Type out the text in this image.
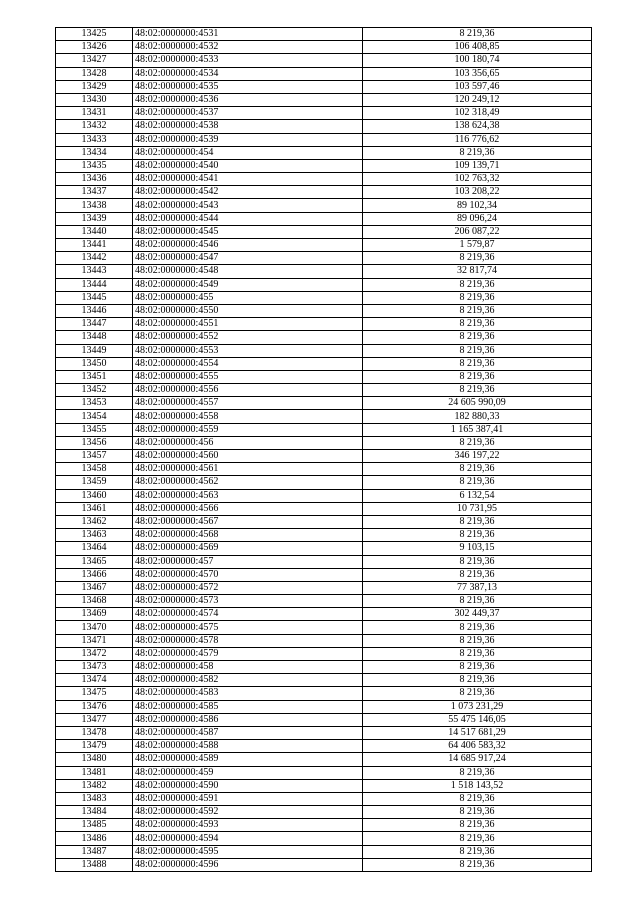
13425	48:02:0000000:4531	8 219,36
13426	48:02:0000000:4532	106 408,85
13427	48:02:0000000:4533	100 180,74
13428	48:02:0000000:4534	103 356,65
13429	48:02:0000000:4535	103 597,46
13430	48:02:0000000:4536	120 249,12
13431	48:02:0000000:4537	102 318,49
13432	48:02:0000000:4538	138 624,38
13433	48:02:0000000:4539	116 776,62
13434	48:02:0000000:454	8 219,36
13435	48:02:0000000:4540	109 139,71
13436	48:02:0000000:4541	102 763,32
13437	48:02:0000000:4542	103 208,22
13438	48:02:0000000:4543	89 102,34
13439	48:02:0000000:4544	89 096,24
13440	48:02:0000000:4545	206 087,22
13441	48:02:0000000:4546	1 579,87
13442	48:02:0000000:4547	8 219,36
13443	48:02:0000000:4548	32 817,74
13444	48:02:0000000:4549	8 219,36
13445	48:02:0000000:455	8 219,36
13446	48:02:0000000:4550	8 219,36
13447	48:02:0000000:4551	8 219,36
13448	48:02:0000000:4552	8 219,36
13449	48:02:0000000:4553	8 219,36
13450	48:02:0000000:4554	8 219,36
13451	48:02:0000000:4555	8 219,36
13452	48:02:0000000:4556	8 219,36
13453	48:02:0000000:4557	24 605 990,09
13454	48:02:0000000:4558	182 880,33
13455	48:02:0000000:4559	1 165 387,41
13456	48:02:0000000:456	8 219,36
13457	48:02:0000000:4560	346 197,22
13458	48:02:0000000:4561	8 219,36
13459	48:02:0000000:4562	8 219,36
13460	48:02:0000000:4563	6 132,54
13461	48:02:0000000:4566	10 731,95
13462	48:02:0000000:4567	8 219,36
13463	48:02:0000000:4568	8 219,36
13464	48:02:0000000:4569	9 103,15
13465	48:02:0000000:457	8 219,36
13466	48:02:0000000:4570	8 219,36
13467	48:02:0000000:4572	77 387,13
13468	48:02:0000000:4573	8 219,36
13469	48:02:0000000:4574	302 449,37
13470	48:02:0000000:4575	8 219,36
13471	48:02:0000000:4578	8 219,36
13472	48:02:0000000:4579	8 219,36
13473	48:02:0000000:458	8 219,36
13474	48:02:0000000:4582	8 219,36
13475	48:02:0000000:4583	8 219,36
13476	48:02:0000000:4585	1 073 231,29
13477	48:02:0000000:4586	55 475 146,05
13478	48:02:0000000:4587	14 517 681,29
13479	48:02:0000000:4588	64 406 583,32
13480	48:02:0000000:4589	14 685 917,24
13481	48:02:0000000:459	8 219,36
13482	48:02:0000000:4590	1 518 143,52
13483	48:02:0000000:4591	8 219,36
13484	48:02:0000000:4592	8 219,36
13485	48:02:0000000:4593	8 219,36
13486	48:02:0000000:4594	8 219,36
13487	48:02:0000000:4595	8 219,36
13488	48:02:0000000:4596	8 219,36
